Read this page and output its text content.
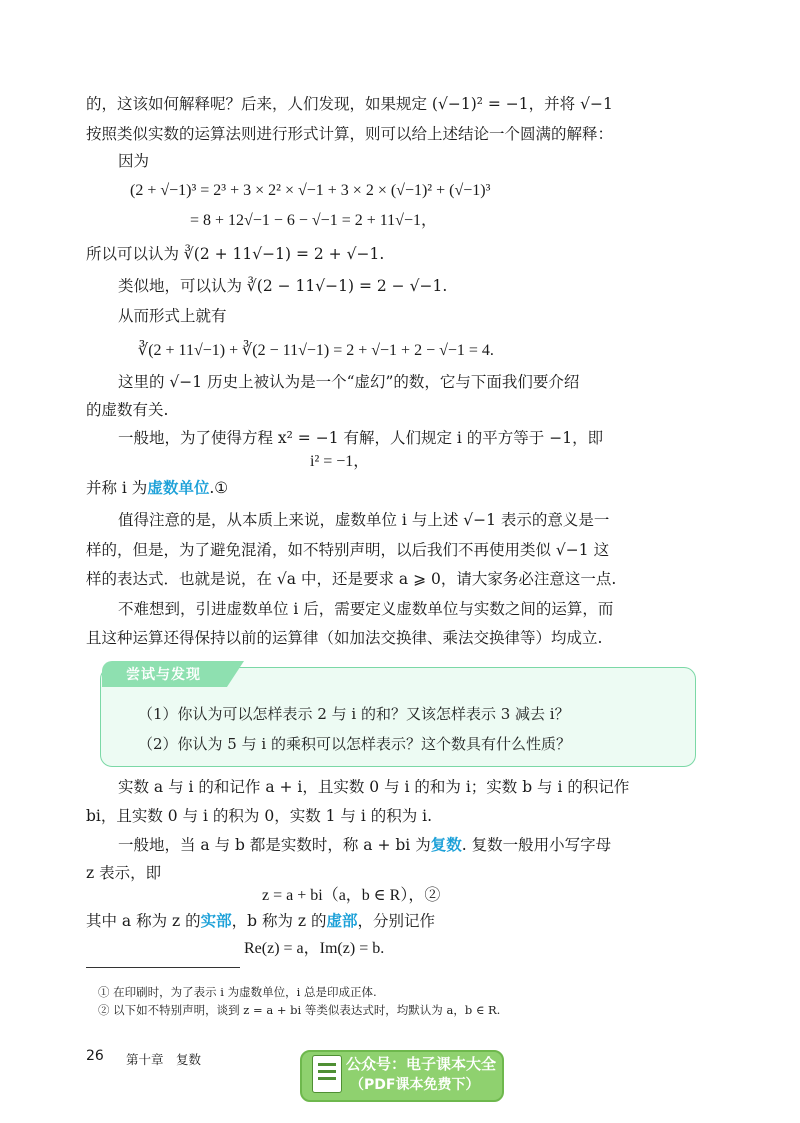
的，这该如何解释呢？后来，人们发现，如果规定 (√−1)² = −1，并将 √−1
按照类似实数的运算法则进行形式计算，则可以给上述结论一个圆满的解释：
因为
(2 + √−1)³ = 2³ + 3 × 2² × √−1 + 3 × 2 × (√−1)² + (√−1)³
= 8 + 12√−1 − 6 − √−1 = 2 + 11√−1，
所以可以认为 ∛(2 + 11√−1) = 2 + √−1.
类似地，可以认为 ∛(2 − 11√−1) = 2 − √−1.
从而形式上就有
∛(2 + 11√−1) + ∛(2 − 11√−1) = 2 + √−1 + 2 − √−1 = 4.
这里的 √−1 历史上被认为是一个“虚幻”的数，它与下面我们要介绍
的虚数有关.
一般地，为了使得方程 x² = −1 有解，人们规定 i 的平方等于 −1，即
i² = −1，
并称 i 为虚数单位.①
值得注意的是，从本质上来说，虚数单位 i 与上述 √−1 表示的意义是一
样的，但是，为了避免混淆，如不特别声明，以后我们不再使用类似 √−1 这
样的表达式．也就是说，在 √a 中，还是要求 a ⩾ 0，请大家务必注意这一点.
不难想到，引进虚数单位 i 后，需要定义虚数单位与实数之间的运算，而
且这种运算还得保持以前的运算律（如加法交换律、乘法交换律等）均成立.
尝试与发现
（1）你认为可以怎样表示 2 与 i 的和？又该怎样表示 3 减去 i？
（2）你认为 5 与 i 的乘积可以怎样表示？这个数具有什么性质？
实数 a 与 i 的和记作 a + i，且实数 0 与 i 的和为 i；实数 b 与 i 的积记作
bi，且实数 0 与 i 的积为 0，实数 1 与 i 的积为 i.
一般地，当 a 与 b 都是实数时，称 a + bi 为复数. 复数一般用小写字母
z 表示，即
z = a + bi（a，b ∈ R），②
其中 a 称为 z 的实部，b 称为 z 的虚部，分别记作
Re(z) = a，Im(z) = b.
① 在印刷时，为了表示 i 为虚数单位，i 总是印成正体.
② 以下如不特别声明，谈到 z = a + bi 等类似表达式时，均默认为 a，b ∈ R.
26 第十章　复数	公众号：电子课本大全
（PDF课本免费下）
